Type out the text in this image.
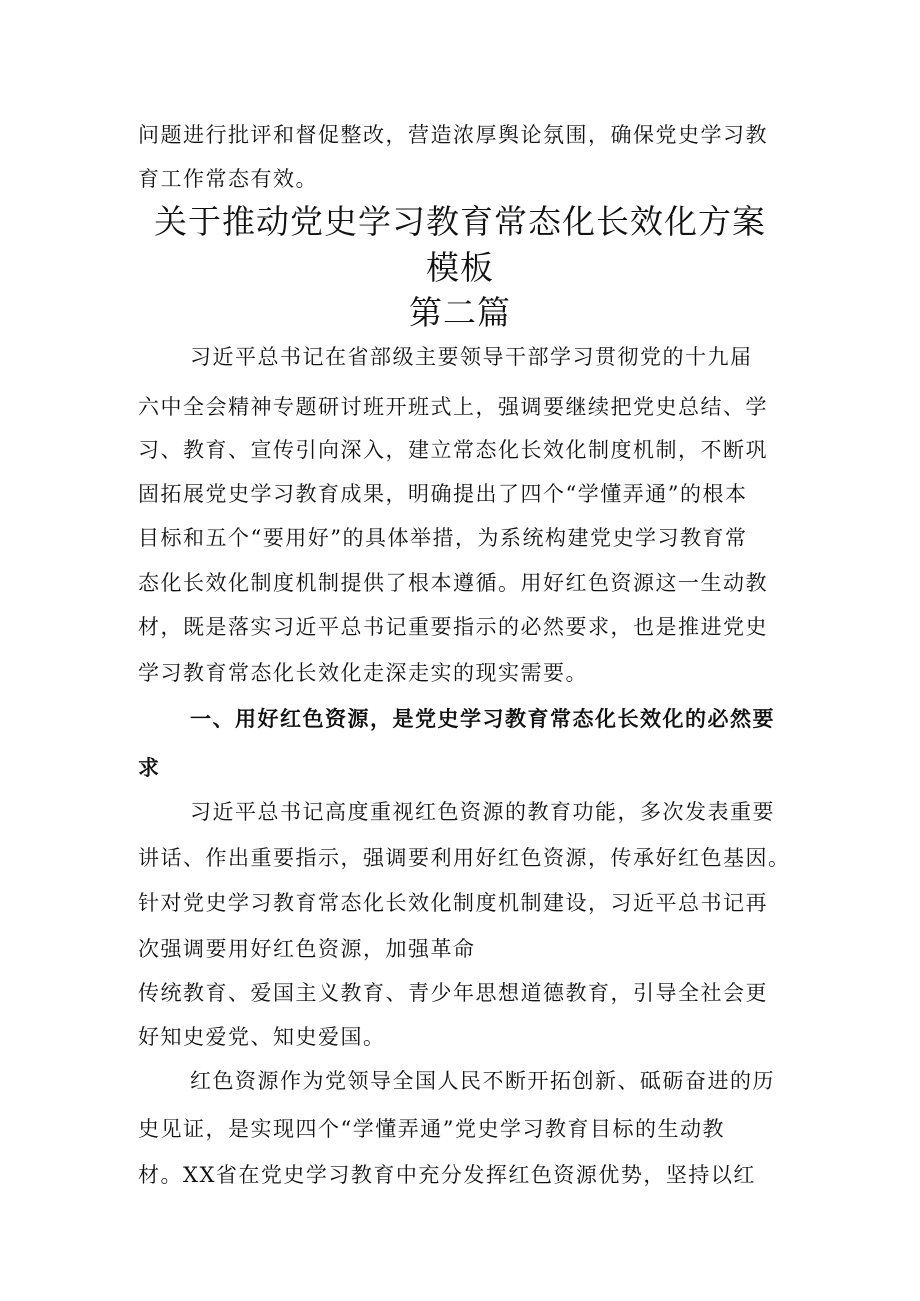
问题进行批评和督促整改，营造浓厚舆论氛围，确保党史学习教
育工作常态有效。
关于推动党史学习教育常态化长效化方案
模板
第二篇
习近平总书记在省部级主要领导干部学习贯彻党的十九届
六中全会精神专题研讨班开班式上，强调要继续把党史总结、学
习、教育、宣传引向深入，建立常态化长效化制度机制，不断巩
固拓展党史学习教育成果，明确提出了四个“学懂弄通”的根本
目标和五个“要用好”的具体举措，为系统构建党史学习教育常
态化长效化制度机制提供了根本遵循。用好红色资源这一生动教
材，既是落实习近平总书记重要指示的必然要求，也是推进党史
学习教育常态化长效化走深走实的现实需要。
一、用好红色资源，是党史学习教育常态化长效化的必然要
求
习近平总书记高度重视红色资源的教育功能，多次发表重要
讲话、作出重要指示，强调要利用好红色资源，传承好红色基因。
针对党史学习教育常态化长效化制度机制建设，习近平总书记再
次强调要用好红色资源，加强革命
传统教育、爱国主义教育、青少年思想道德教育，引导全社会更
好知史爱党、知史爱国。
红色资源作为党领导全国人民不断开拓创新、砥砺奋进的历
史见证，是实现四个“学懂弄通”党史学习教育目标的生动教
材。XX省在党史学习教育中充分发挥红色资源优势，坚持以红
